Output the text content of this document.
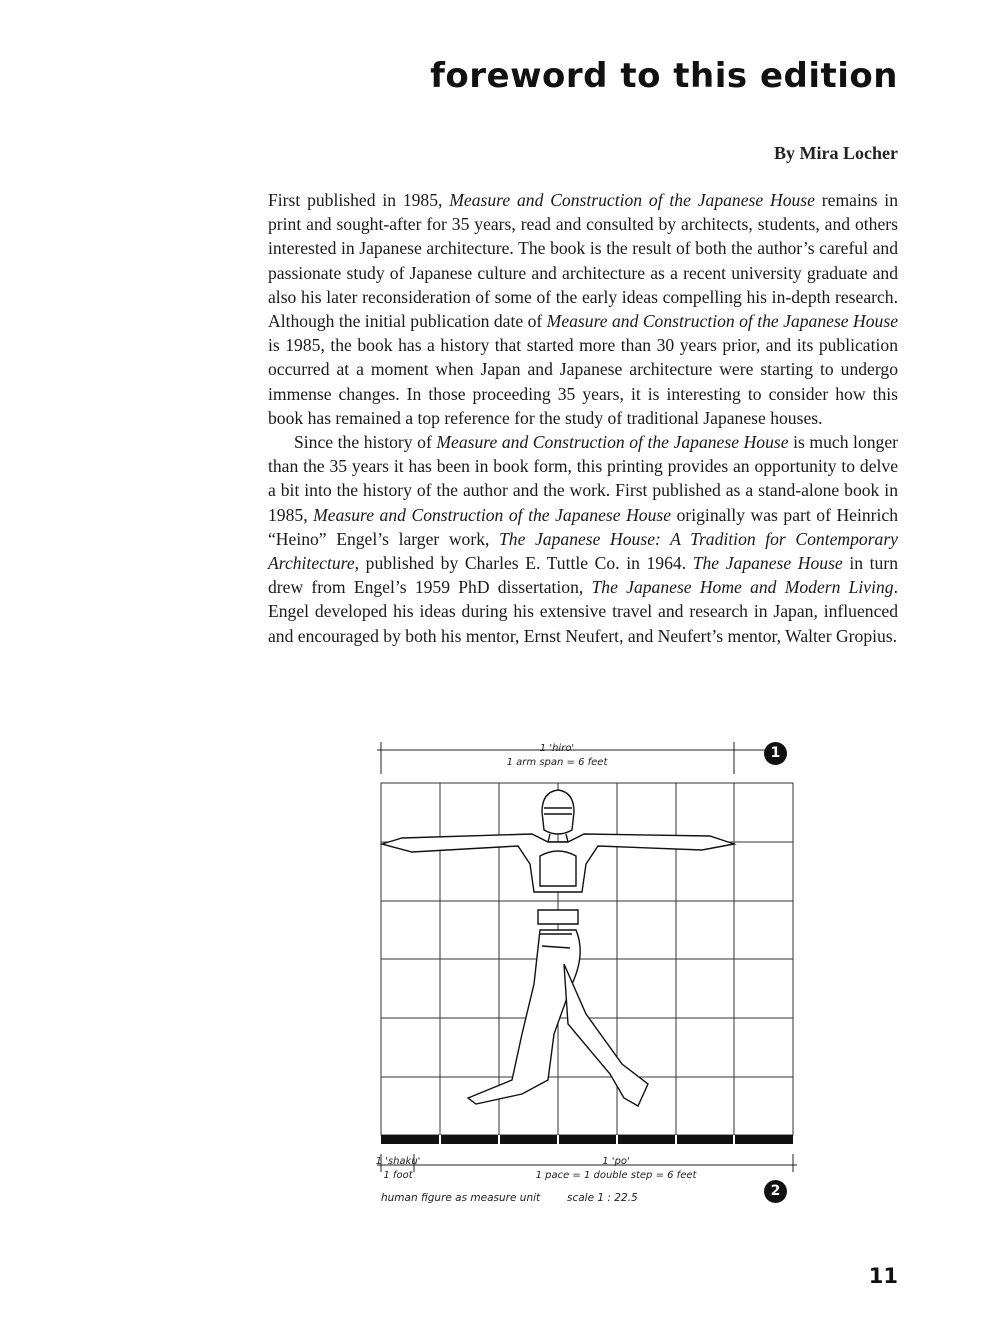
foreword to this edition
By Mira Locher

First published in 1985, Measure and Construction of the Japanese House remains in print and sought-after for 35 years, read and consulted by architects, students, and others interested in Japanese architecture. The book is the result of both the author’s careful and passionate study of Japanese culture and architecture as a recent university graduate and also his later reconsideration of some of the early ideas compelling his in-depth research. Although the initial publication date of Measure and Construction of the Japanese House is 1985, the book has a history that started more than 30 years prior, and its publication occurred at a moment when Japan and Japanese architecture were starting to undergo immense changes. In those proceeding 35 years, it is interesting to consider how this book has remained a top reference for the study of traditional Japanese houses.

Since the history of Measure and Construction of the Japanese House is much longer than the 35 years it has been in book form, this printing provides an opportunity to delve a bit into the history of the author and the work. First published as a stand-alone book in 1985, Measure and Construction of the Japanese House originally was part of Heinrich “Heino” Engel’s larger work, The Japanese House: A Tradition for Contemporary Architecture, published by Charles E. Tuttle Co. in 1964. The Japanese House in turn drew from Engel’s 1959 PhD dissertation, The Japanese Home and Modern Living. Engel developed his ideas during his extensive travel and research in Japan, influenced and encouraged by both his mentor, Ernst Neufert, and Neufert’s mentor, Walter Gropius.

1 'hiro'
1 arm span = 6 feet
1 'shaku'
1 foot
1 'po'
1 pace = 1 double step = 6 feet
human figure as measure unit	scale 1 : 22.5
1
2
11
